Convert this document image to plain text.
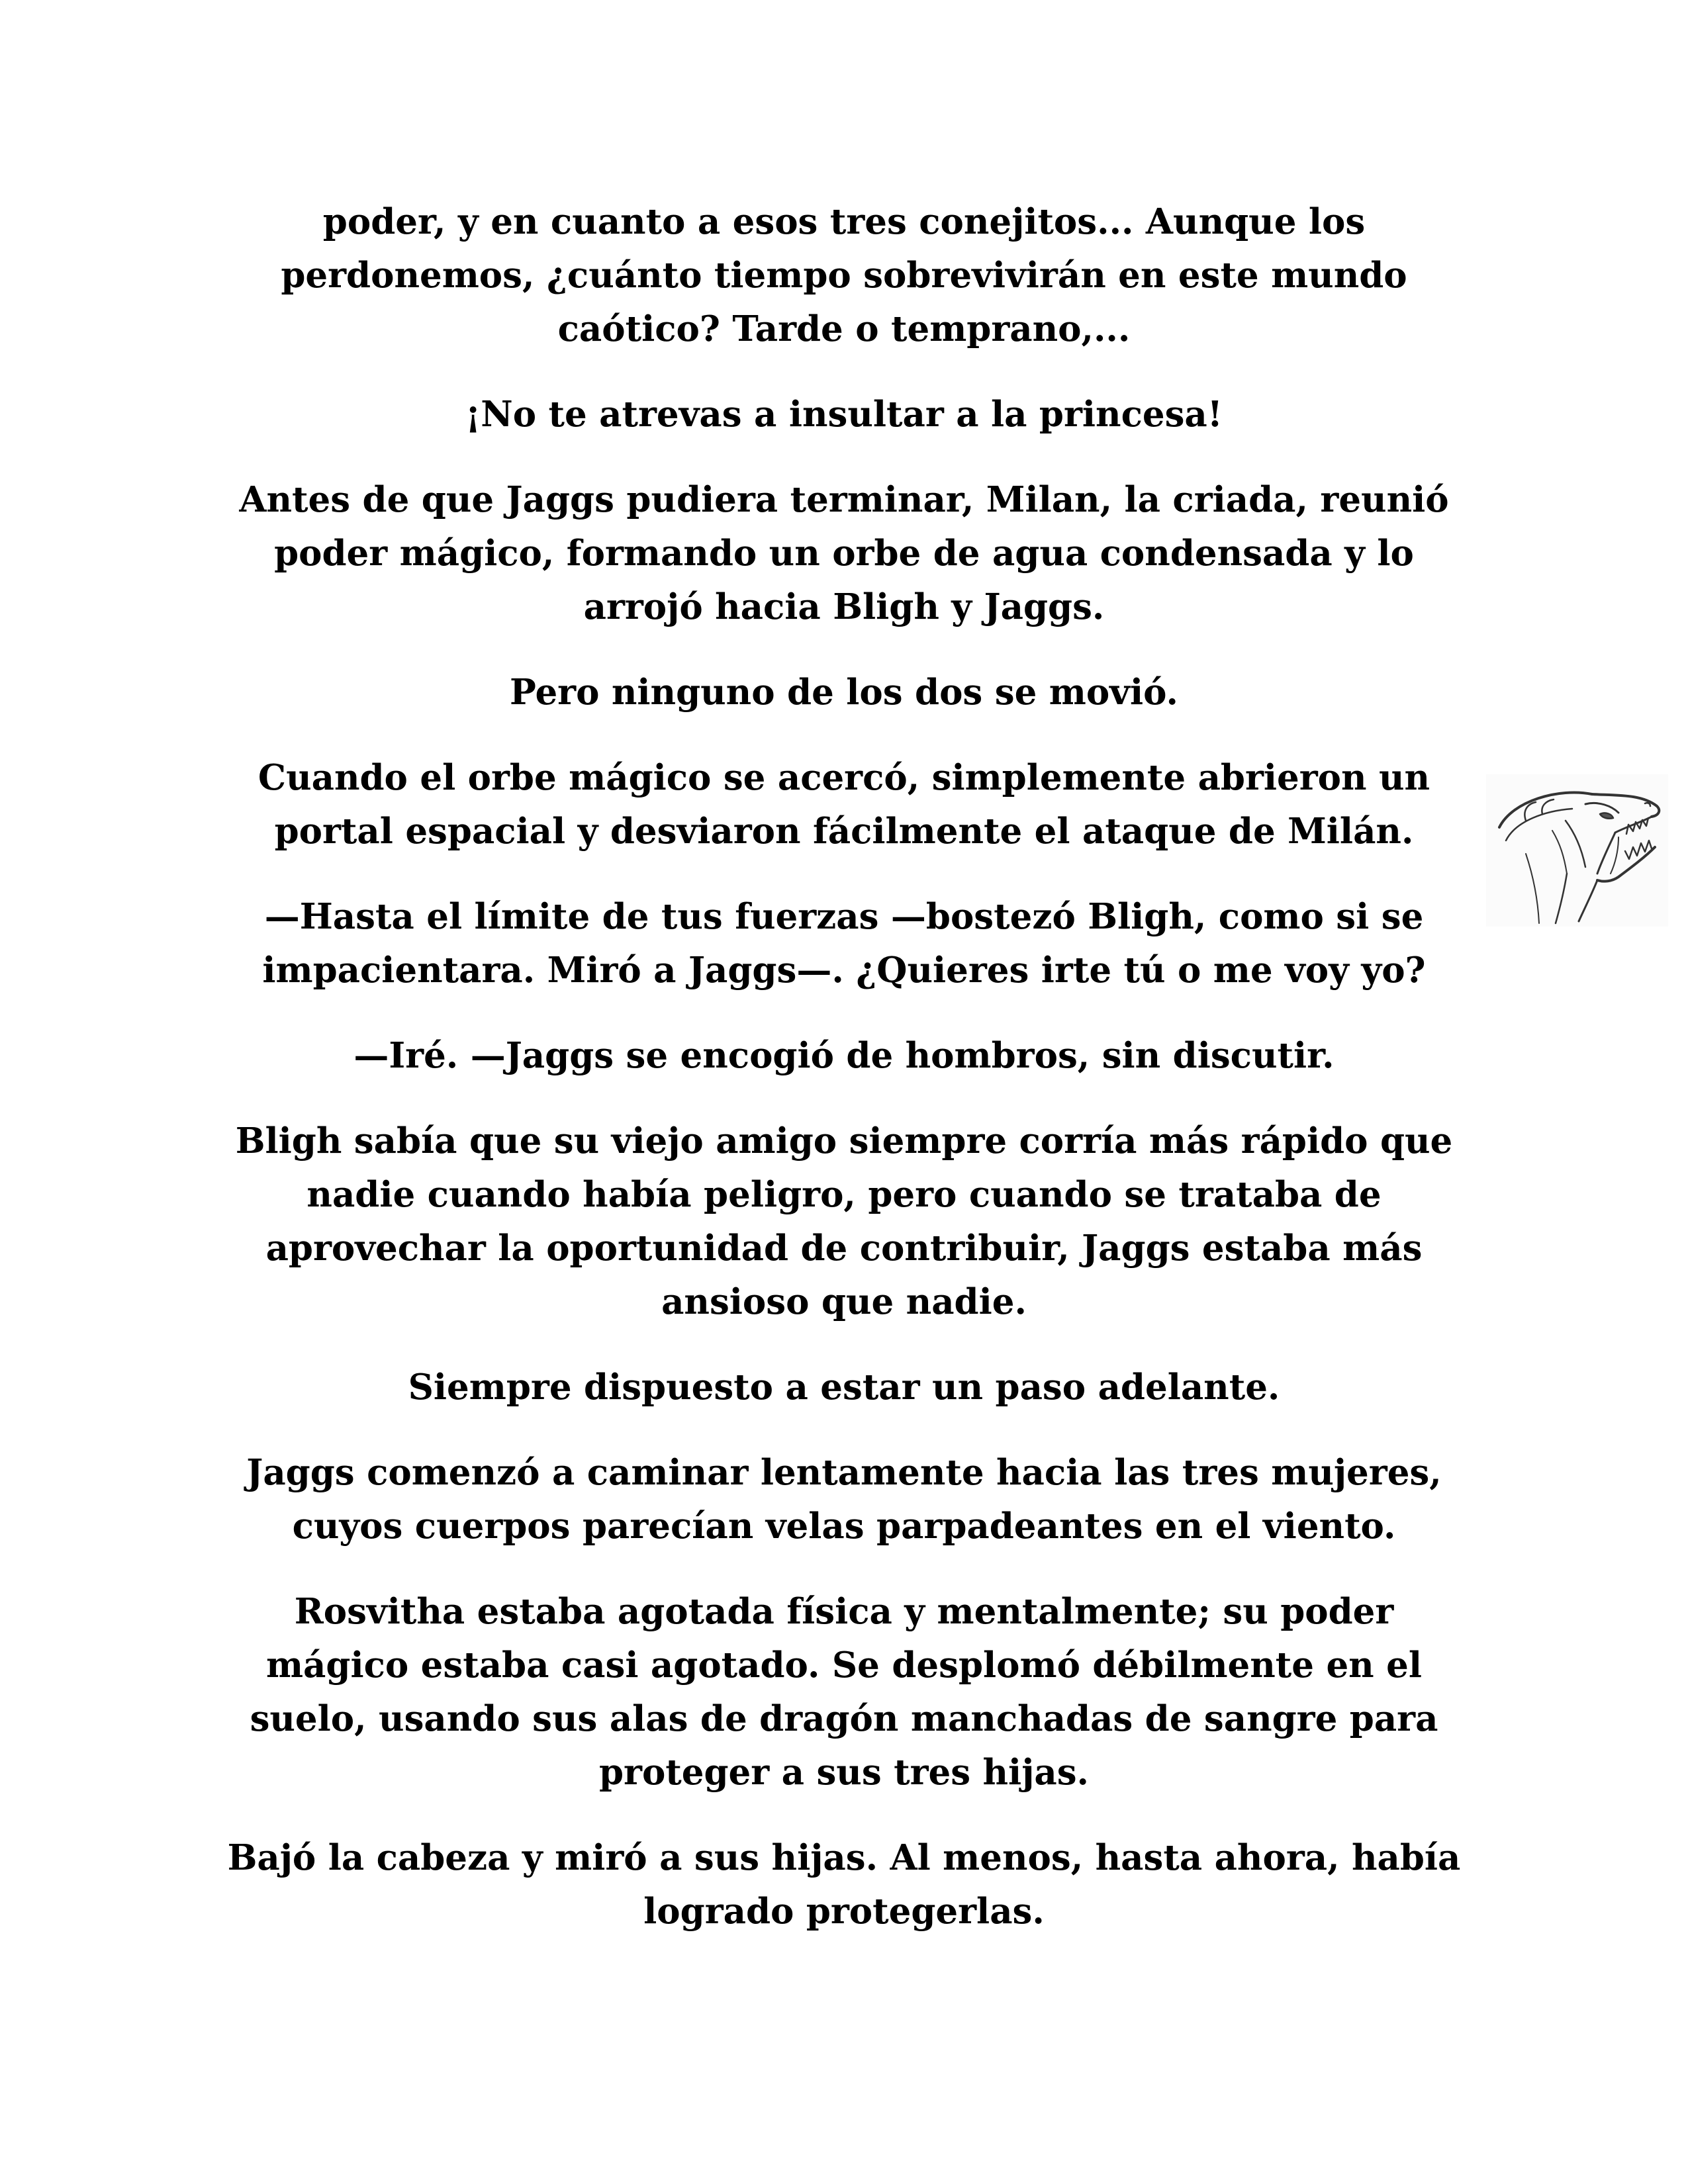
poder, y en cuanto a esos tres conejitos... Aunque los perdonemos, ¿cuánto tiempo sobrevivirán en este mundo caótico? Tarde o temprano,...

¡No te atrevas a insultar a la princesa!

Antes de que Jaggs pudiera terminar, Milan, la criada, reunió poder mágico, formando un orbe de agua condensada y lo arrojó hacia Bligh y Jaggs.

Pero ninguno de los dos se movió.

Cuando el orbe mágico se acercó, simplemente abrieron un portal espacial y desviaron fácilmente el ataque de Milán.

—Hasta el límite de tus fuerzas —bostezó Bligh, como si se impacientara. Miró a Jaggs—. ¿Quieres irte tú o me voy yo?

—Iré. —Jaggs se encogió de hombros, sin discutir.

Bligh sabía que su viejo amigo siempre corría más rápido que nadie cuando había peligro, pero cuando se trataba de aprovechar la oportunidad de contribuir, Jaggs estaba más ansioso que nadie.

Siempre dispuesto a estar un paso adelante.

Jaggs comenzó a caminar lentamente hacia las tres mujeres, cuyos cuerpos parecían velas parpadeantes en el viento.

Rosvitha estaba agotada física y mentalmente; su poder mágico estaba casi agotado. Se desplomó débilmente en el suelo, usando sus alas de dragón manchadas de sangre para proteger a sus tres hijas.

Bajó la cabeza y miró a sus hijas. Al menos, hasta ahora, había logrado protegerlas.
